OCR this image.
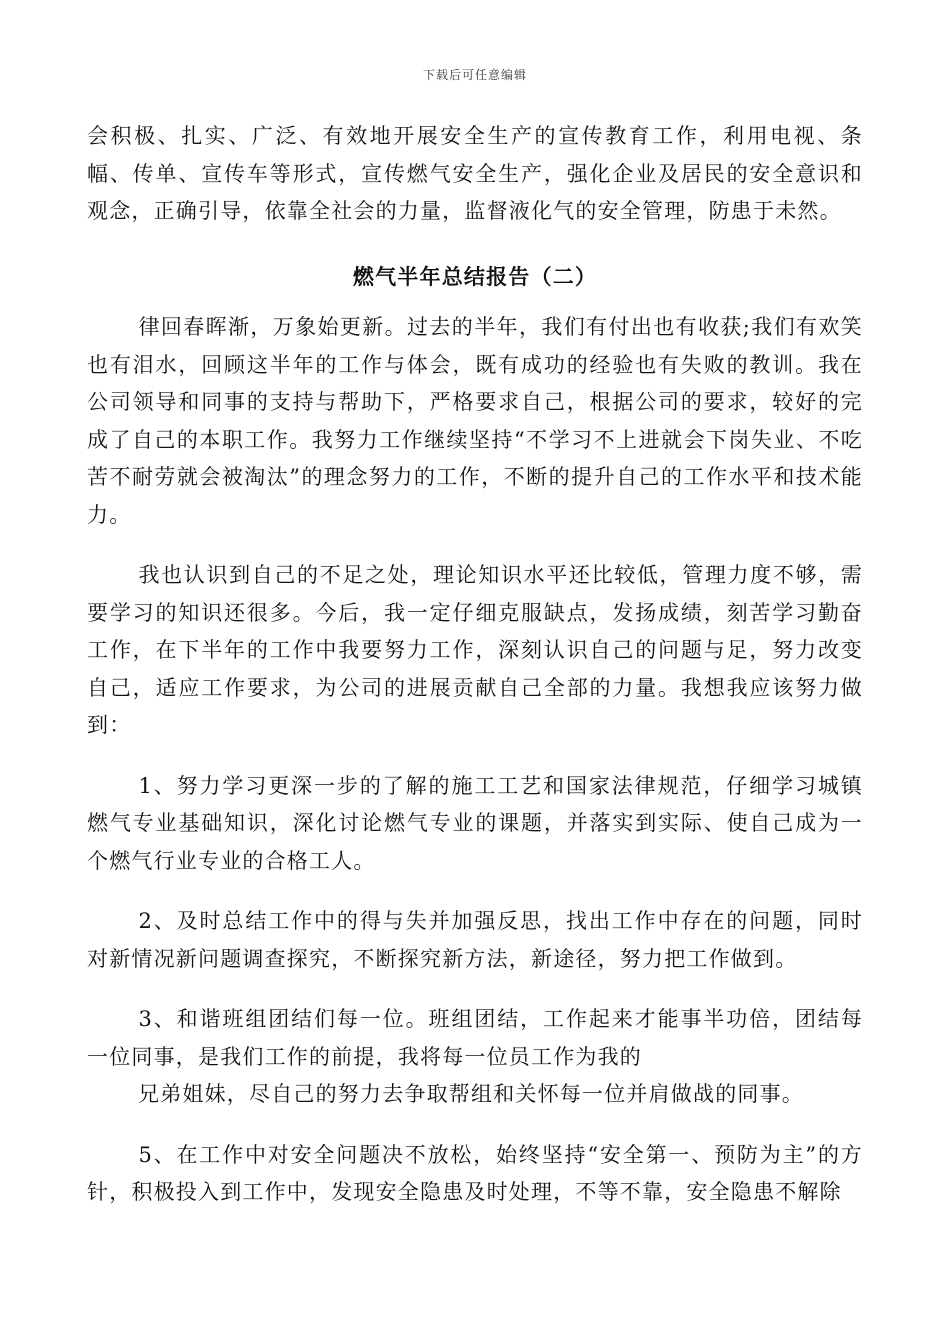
下载后可任意编辑

会积极、扎实、广泛、有效地开展安全生产的宣传教育工作，利用电视、条幅、传单、宣传车等形式，宣传燃气安全生产，强化企业及居民的安全意识和观念，正确引导，依靠全社会的力量，监督液化气的安全管理，防患于未然。

燃气半年总结报告（二）

律回春晖渐，万象始更新。过去的半年，我们有付出也有收获;我们有欢笑也有泪水，回顾这半年的工作与体会，既有成功的经验也有失败的教训。我在公司领导和同事的支持与帮助下，严格要求自己，根据公司的要求，较好的完成了自己的本职工作。我努力工作继续坚持“不学习不上进就会下岗失业、不吃苦不耐劳就会被淘汰”的理念努力的工作，不断的提升自己的工作水平和技术能力。

我也认识到自己的不足之处，理论知识水平还比较低，管理力度不够，需要学习的知识还很多。今后，我一定仔细克服缺点，发扬成绩，刻苦学习勤奋工作，在下半年的工作中我要努力工作，深刻认识自己的问题与足，努力改变自己，适应工作要求，为公司的进展贡献自己全部的力量。我想我应该努力做到：

1、努力学习更深一步的了解的施工工艺和国家法律规范，仔细学习城镇燃气专业基础知识，深化讨论燃气专业的课题，并落实到实际、使自己成为一个燃气行业专业的合格工人。

2、及时总结工作中的得与失并加强反思，找出工作中存在的问题，同时对新情况新问题调查探究，不断探究新方法，新途径，努力把工作做到。

3、和谐班组团结们每一位。班组团结，工作起来才能事半功倍，团结每一位同事，是我们工作的前提，我将每一位员工作为我的

兄弟姐妹，尽自己的努力去争取帮组和关怀每一位并肩做战的同事。

5、在工作中对安全问题决不放松，始终坚持“安全第一、预防为主”的方针，积极投入到工作中，发现安全隐患及时处理，不等不靠，安全隐患不解除
